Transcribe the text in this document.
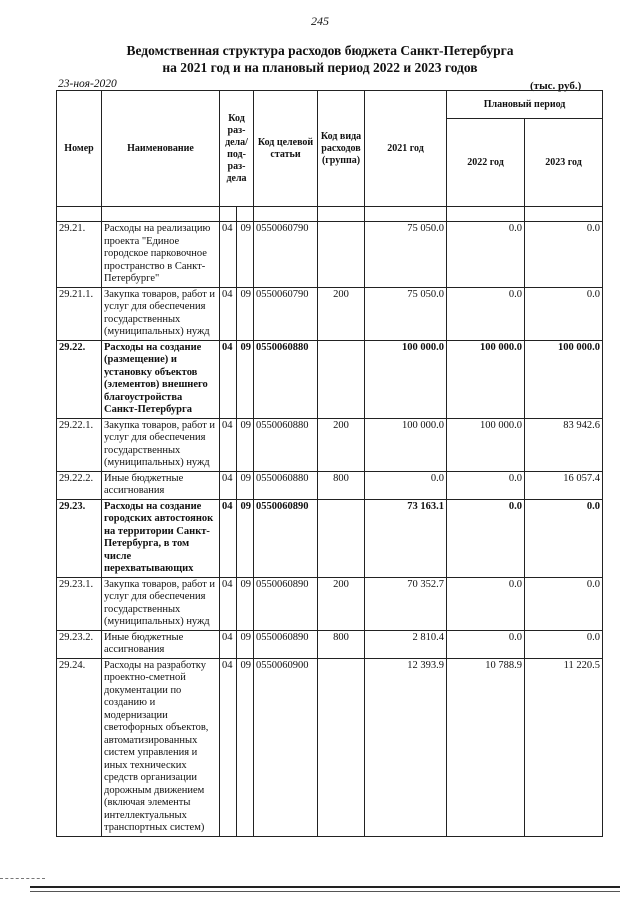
245
Ведомственная структура расходов бюджета Санкт-Петербурга
на 2021 год и на плановый период 2022 и 2023 годов
23-ноя-2020	(тыс. руб.)
Номер	Наименование	Код раз-дела/ под-раз-дела		Код целевой статьи	Код вида расходов (группа)	2021 год	Плановый период	
							2022 год	2023 год

29.21.	Расходы на реализацию проекта "Единое городское парковочное пространство в Санкт-Петербурге"	04	09	0550060790		75 050.0	0.0	0.0
29.21.1.	Закупка товаров, работ и услуг для обеспечения государственных (муниципальных) нужд	04	09	0550060790	200	75 050.0	0.0	0.0
29.22.	Расходы на создание (размещение) и установку объектов (элементов) внешнего благоустройства Санкт-Петербурга	04	09	0550060880		100 000.0	100 000.0	100 000.0
29.22.1.	Закупка товаров, работ и услуг для обеспечения государственных (муниципальных) нужд	04	09	0550060880	200	100 000.0	100 000.0	83 942.6
29.22.2.	Иные бюджетные ассигнования	04	09	0550060880	800	0.0	0.0	16 057.4
29.23.	Расходы на создание городских автостоянок на территории Санкт-Петербурга, в том числе перехватывающих	04	09	0550060890		73 163.1	0.0	0.0
29.23.1.	Закупка товаров, работ и услуг для обеспечения государственных (муниципальных) нужд	04	09	0550060890	200	70 352.7	0.0	0.0
29.23.2.	Иные бюджетные ассигнования	04	09	0550060890	800	2 810.4	0.0	0.0
29.24.	Расходы на разработку проектно-сметной документации по созданию и модернизации светофорных объектов, автоматизированных систем управления и иных технических средств организации дорожным движением (включая элементы интеллектуальных транспортных систем)	04	09	0550060900		12 393.9	10 788.9	11 220.5
